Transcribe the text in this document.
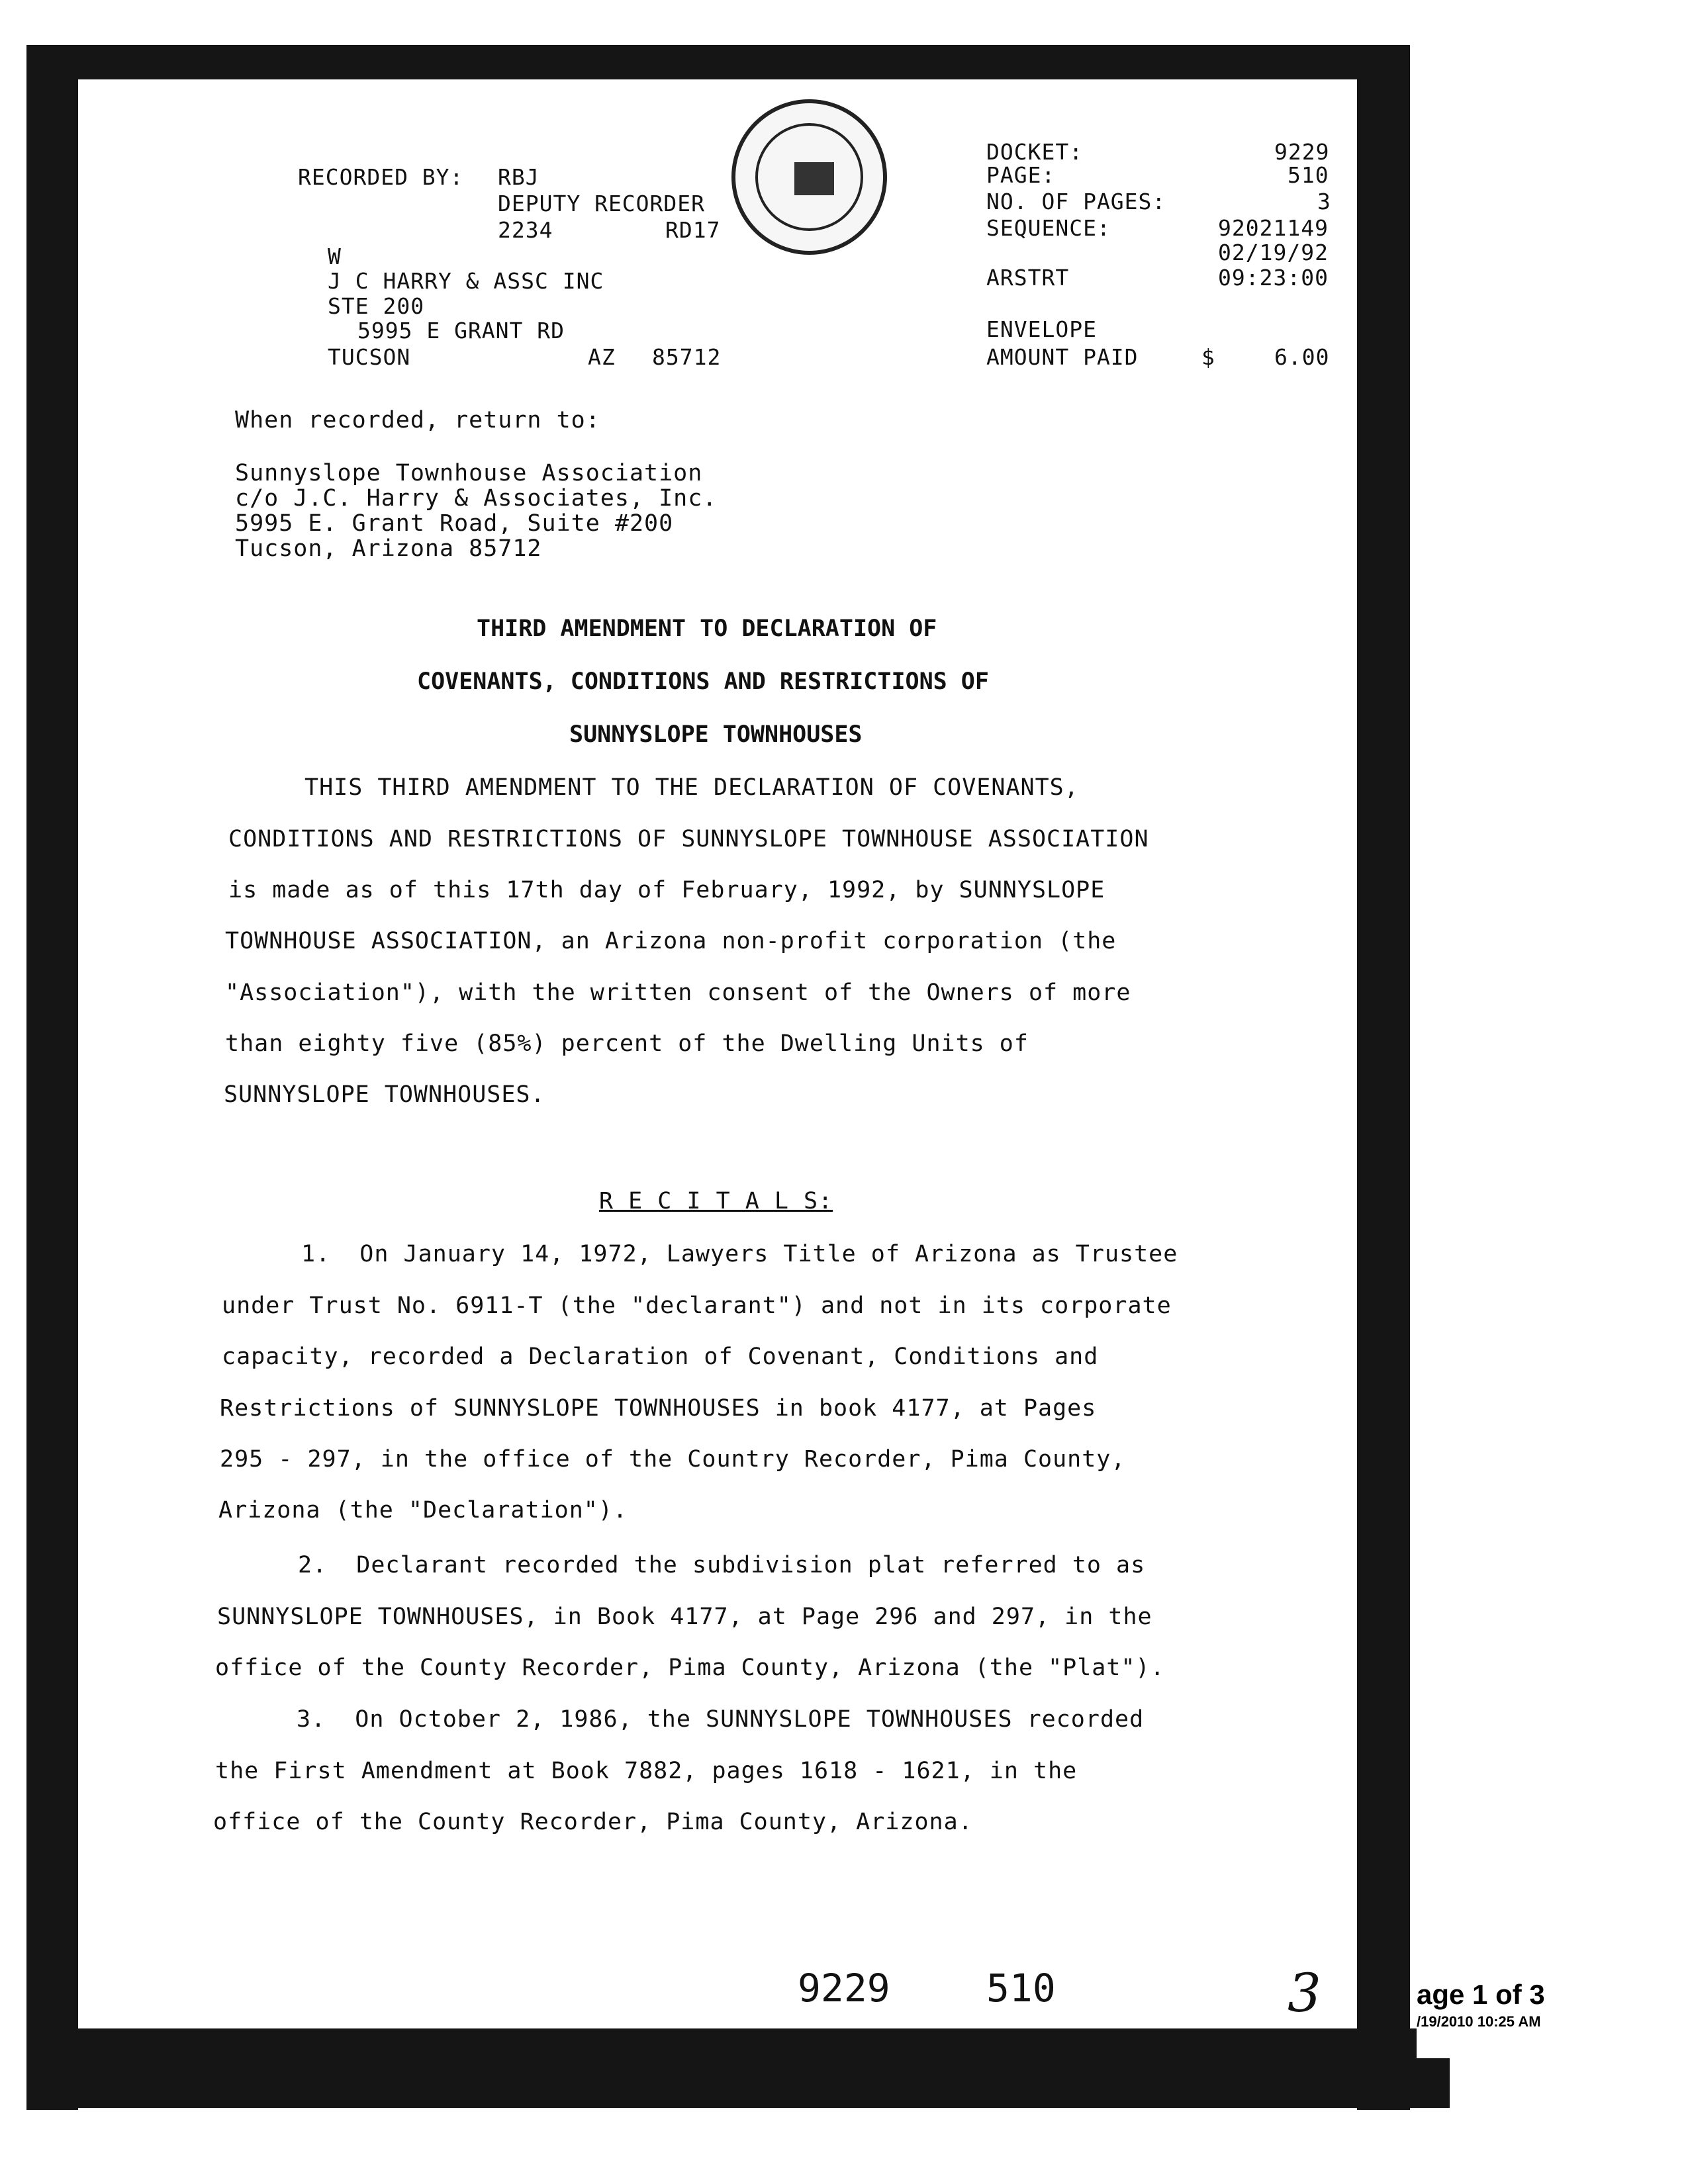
RECORDED BY: RBJ
DEPUTY RECORDER
2234	RD17
W
J C HARRY & ASSC INC
STE 200
5995 E GRANT RD
TUCSON	AZ 85712
DOCKET:	9229
PAGE:	510
NO. OF PAGES:	3
SEQUENCE:	92021149
02/19/92
ARSTRT	09:23:00
ENVELOPE
AMOUNT PAID	$	6.00
When recorded, return to:
Sunnyslope Townhouse Association
c/o J.C. Harry & Associates, Inc.
5995 E. Grant Road, Suite #200
Tucson, Arizona 85712
THIRD AMENDMENT TO DECLARATION OF
COVENANTS, CONDITIONS AND RESTRICTIONS OF
SUNNYSLOPE TOWNHOUSES
THIS THIRD AMENDMENT TO THE DECLARATION OF COVENANTS,
CONDITIONS AND RESTRICTIONS OF SUNNYSLOPE TOWNHOUSE ASSOCIATION
is made as of this 17th day of February, 1992, by SUNNYSLOPE
TOWNHOUSE ASSOCIATION, an Arizona non-profit corporation (the
"Association"), with the written consent of the Owners of more
than eighty five (85%) percent of the Dwelling Units of
SUNNYSLOPE TOWNHOUSES.
R E C I T A L S:
1.  On January 14, 1972, Lawyers Title of Arizona as Trustee
under Trust No. 6911-T (the "declarant") and not in its corporate
capacity, recorded a Declaration of Covenant, Conditions and
Restrictions of SUNNYSLOPE TOWNHOUSES in book 4177, at Pages
295 - 297, in the office of the Country Recorder, Pima County,
Arizona (the "Declaration").
2.  Declarant recorded the subdivision plat referred to as
SUNNYSLOPE TOWNHOUSES, in Book 4177, at Page 296 and 297, in the
office of the County Recorder, Pima County, Arizona (the "Plat").
3.  On October 2, 1986, the SUNNYSLOPE TOWNHOUSES recorded
the First Amendment at Book 7882, pages 1618 - 1621, in the
office of the County Recorder, Pima County, Arizona.
9229	510	3	age 1 of 3
/19/2010 10:25 AM
